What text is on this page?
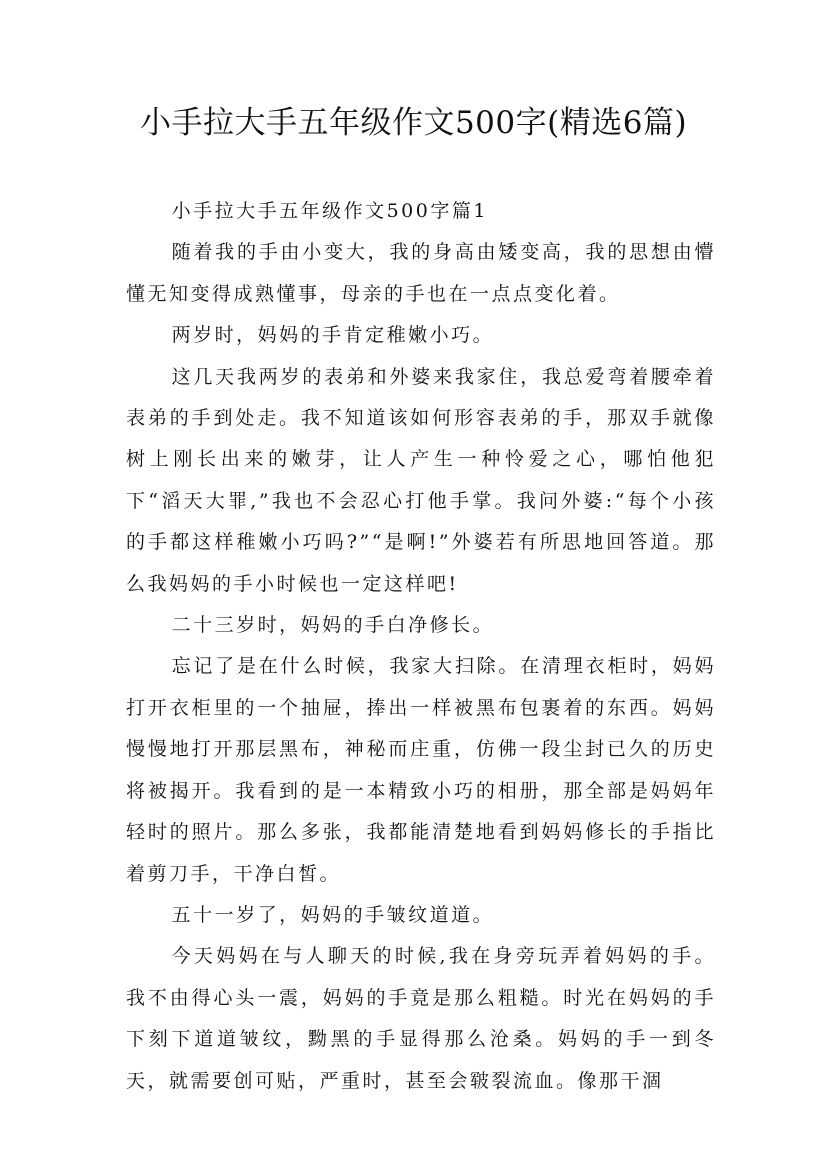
小手拉大手五年级作文500字(精选6篇)

小手拉大手五年级作文500字篇1

随着我的手由小变大，我的身高由矮变高，我的思想由懵懂无知变得成熟懂事，母亲的手也在一点点变化着。

两岁时，妈妈的手肯定稚嫩小巧。

这几天我两岁的表弟和外婆来我家住，我总爱弯着腰牵着表弟的手到处走。我不知道该如何形容表弟的手，那双手就像树上刚长出来的嫩芽，让人产生一种怜爱之心，哪怕他犯下“滔天大罪,”我也不会忍心打他手掌。我问外婆:“每个小孩的手都这样稚嫩小巧吗?”“是啊!”外婆若有所思地回答道。那么我妈妈的手小时候也一定这样吧!

二十三岁时，妈妈的手白净修长。

忘记了是在什么时候，我家大扫除。在清理衣柜时，妈妈打开衣柜里的一个抽屉，捧出一样被黑布包裹着的东西。妈妈慢慢地打开那层黑布，神秘而庄重，仿佛一段尘封已久的历史将被揭开。我看到的是一本精致小巧的相册，那全部是妈妈年轻时的照片。那么多张，我都能清楚地看到妈妈修长的手指比着剪刀手，干净白皙。

五十一岁了，妈妈的手皱纹道道。

今天妈妈在与人聊天的时候,我在身旁玩弄着妈妈的手。我不由得心头一震，妈妈的手竟是那么粗糙。时光在妈妈的手下刻下道道皱纹，黝黑的手显得那么沧桑。妈妈的手一到冬天，就需要创可贴，严重时，甚至会皲裂流血。像那干涸
